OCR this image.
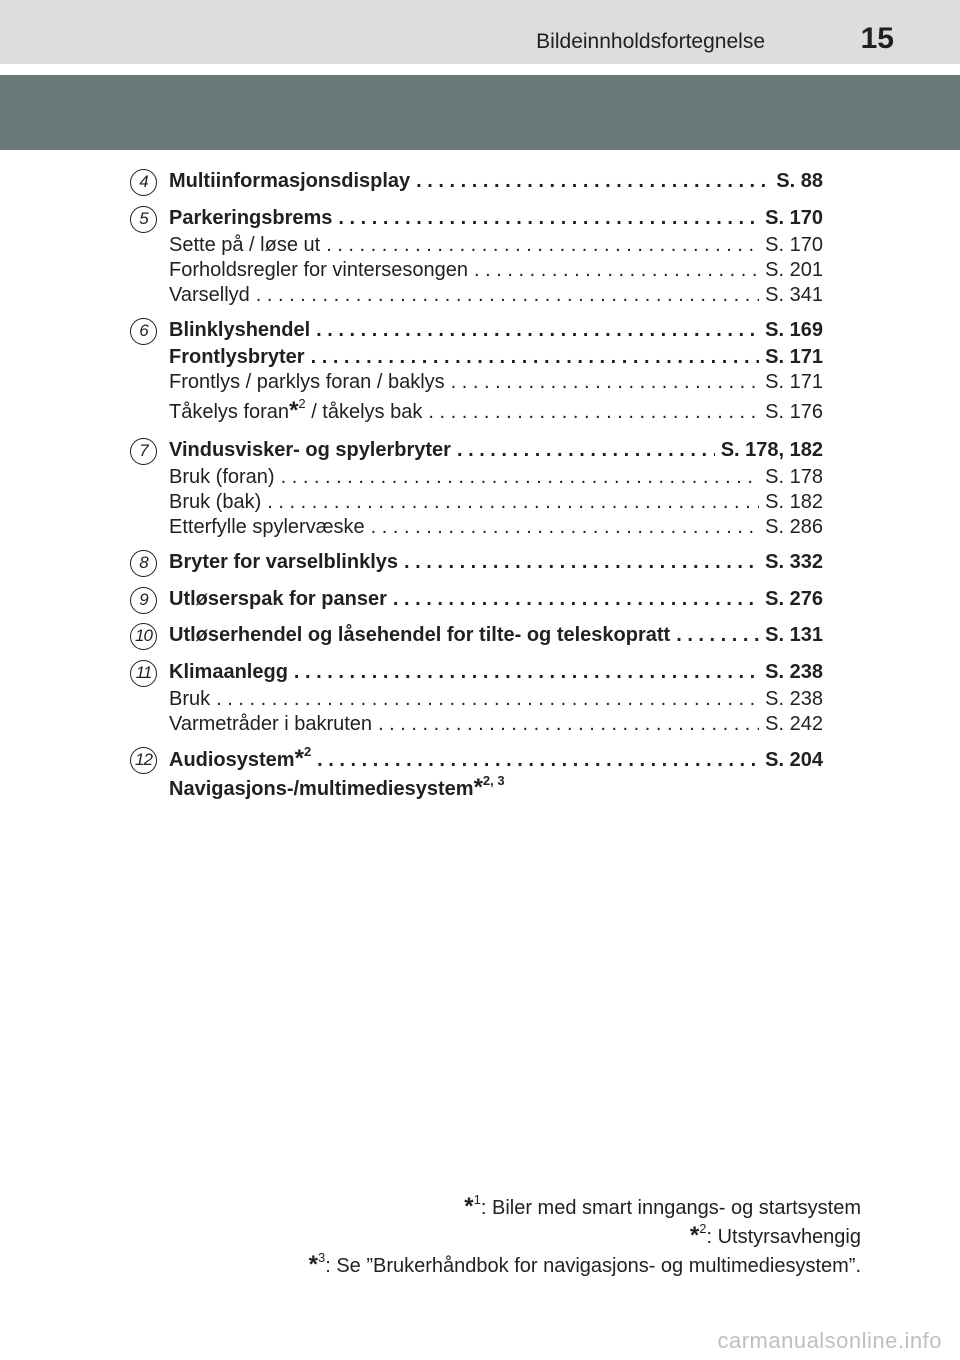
Bildeinnholdsfortegnelse	15
4	Multiinformasjonsdisplay . . .	S. 88
5	Parkeringsbrems . . .	S. 170
Sette på / løse ut . . .	S. 170
Forholdsregler for vintersesongen . . .	S. 201
Varsellyd . . .	S. 341
6	Blinklyshendel . . .	S. 169
Frontlysbryter . . .	S. 171
Frontlys / parklys foran / baklys . . .	S. 171
Tåkelys foran*$^2$ / tåkelys bak . . .	S. 176
7	Vindusvisker- og spylerbryter . . .	S. 178, 182
Bruk (foran) . . .	S. 178
Bruk (bak) . . .	S. 182
Etterfylle spylervæske . . .	S. 286
8	Bryter for varselblinklys . . .	S. 332
9	Utløserspak for panser . . .	S. 276
10 Utløserhendel og låsehendel for tilte- og teleskopratt . . .	S. 131
11 Klimaanlegg . . .	S. 238
Bruk . . .	S. 238
Varmetråder i bakruten . . .	S. 242
12 Audiosystem*$^2$ . . .	S. 204
Navigasjons-/multimediesystem*$^{2, 3}$
*$^1$: Biler med smart inngangs- og startsystem
*$^2$: Utstyrsavhengig
*$^3$: Se ”Brukerhåndbok for navigasjons- og multimediesystem”.
carmanualsonline.info
